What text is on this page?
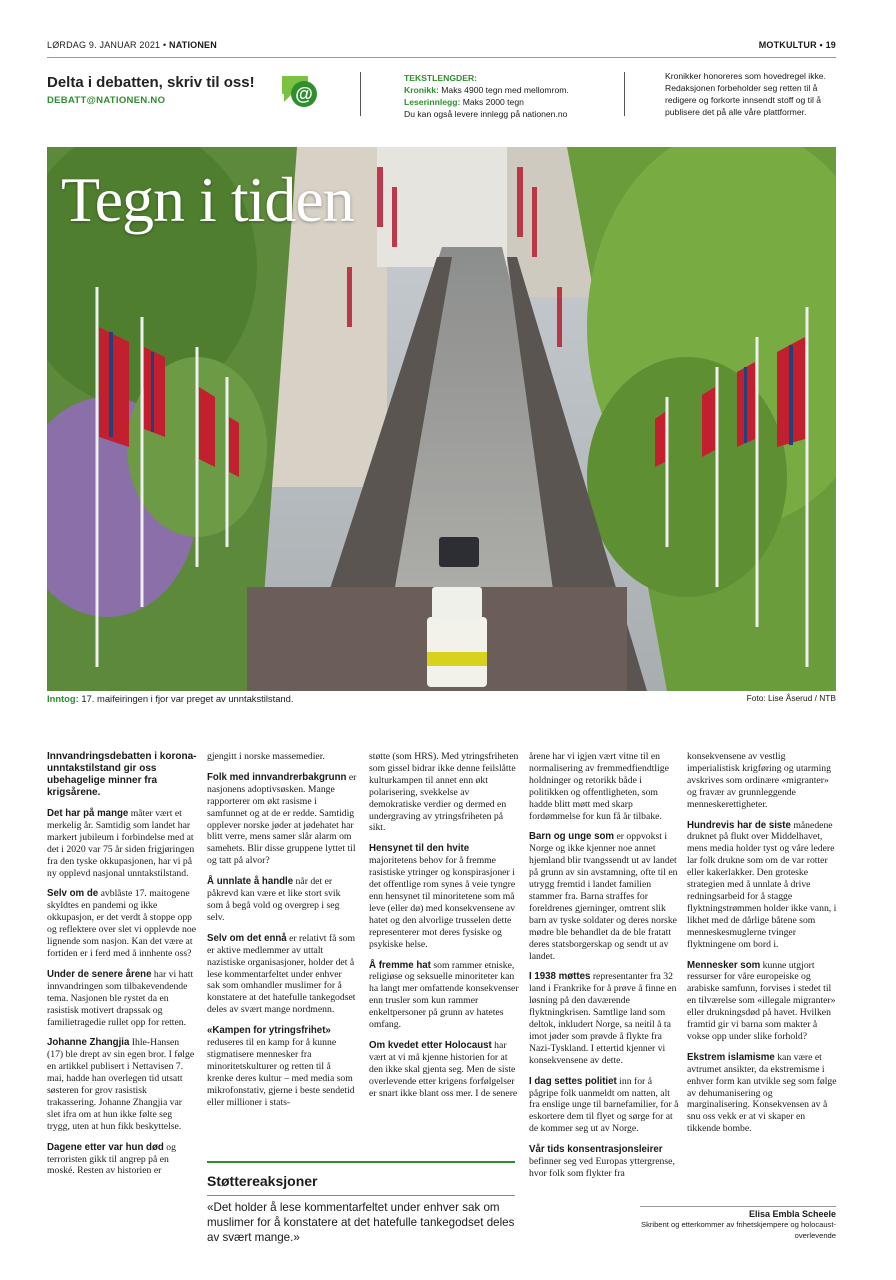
LØRDAG 9. JANUAR 2021 • NATIONEN	MOTKULTUR • 19
Delta i debatten, skriv til oss!
DEBATT@NATIONEN.NO	@
TEKSTLENGDER:
Kronikk: Maks 4900 tegn med mellomrom.
Leserinnlegg: Maks 2000 tegn
Du kan også levere innlegg på nationen.no
Kronikker honoreres som hovedregel ikke. Redaksjonen forbeholder seg retten til å redigere og forkorte innsendt stoff og til å publisere det på alle våre plattformer.
Tegn i tiden
Inntog: 17. maifeiringen i fjor var preget av unntakstilstand.	Foto: Lise Åserud / NTB

Innvandringsdebatten i korona-unntakstilstand gir oss ubehagelige minner fra krigsårene.

Det har på mange måter vært et merkelig år. Samtidig som landet har markert jubileum i forbindelse med at det i 2020 var 75 år siden frigjøringen fra den tyske okkupasjonen, har vi på ny opplevd nasjonal unntakstilstand.

Selv om de avblåste 17. maitogene skyldtes en pandemi og ikke okkupasjon, er det verdt å stoppe opp og reflektere over slet vi opplevde noe lignende som nasjon. Kan det være at fortiden er i ferd med å innhente oss?

Under de senere årene har vi hatt innvandringen som tilbakevendende tema. Nasjonen ble rystet da en rasistisk motivert drapssak og familietragedie rullet opp for retten.

Johanne Zhangjia Ihle-Hansen (17) ble drept av sin egen bror. I følge en artikkel publisert i Nettavisen 7. mai, hadde han overlegen tid utsatt søsteren for grov rasistisk trakassering. Johanne Zhangjia var slet ifra om at hun ikke følte seg trygg, uten at hun fikk beskyttelse.

Dagene etter var hun død og terroristen gikk til angrep på en moské. Resten av historien er

gjengitt i norske massemedier.

Folk med innvandrerbakgrunn er nasjonens adoptivsøsken. Mange rapporterer om økt rasisme i samfunnet og at de er redde. Samtidig opplever norske jøder at jødehatet har blitt verre, mens samer slår alarm om samehets. Blir disse gruppene lyttet til og tatt på alvor?

Å unnlate å handle når det er påkrevd kan være et like stort svik som å begå vold og overgrep i seg selv.

Selv om det ennå er relativt få som er aktive medlemmer av uttalt nazistiske organisasjoner, holder det å lese kommentarfeltet under enhver sak som omhandler muslimer for å konstatere at det hatefulle tankegodset deles av svært mange nordmenn.

«Kampen for ytringsfrihet» reduseres til en kamp for å kunne stigmatisere mennesker fra minoritetskulturer og retten til å krenke deres kultur – med media som mikrofonstativ, gjerne i beste sendetid eller millioner i stats-

støtte (som HRS). Med ytringsfriheten som gissel bidrar ikke denne feilslåtte kulturkampen til annet enn økt polarisering, svekkelse av demokratiske verdier og dermed en undergraving av ytringsfriheten på sikt.

Hensynet til den hvite majoritetens behov for å fremme rasistiske ytringer og konspirasjoner i det offentlige rom synes å veie tyngre enn hensynet til minoritetene som må leve (eller dø) med konsekvensene av hatet og den alvorlige trusselen dette representerer mot deres fysiske og psykiske helse.

Å fremme hat som rammer etniske, religiøse og seksuelle minoriteter kan ha langt mer omfattende konsekvenser enn trusler som kun rammer enkeltpersoner på grunn av hatetes omfang.

Om kvedet etter Holocaust har vært at vi må kjenne historien for at den ikke skal gjenta seg. Men de siste overlevende etter krigens forfølgelser er snart ikke blant oss mer. I de senere

årene har vi igjen vært vitne til en normalisering av fremmedfiendtlige holdninger og retorikk både i politikken og offentligheten, som hadde blitt møtt med skarp fordømmelse for kun få år tilbake.

Barn og unge som er oppvokst i Norge og ikke kjenner noe annet hjemland blir tvangssendt ut av landet på grunn av sin avstamning, ofte til en utrygg fremtid i landet familien stammer fra. Barna straffes for foreldrenes gjerninger, omtrent slik barn av tyske soldater og deres norske mødre ble behandlet da de ble fratatt deres statsborgerskap og sendt ut av landet.

I 1938 møttes representanter fra 32 land i Frankrike for å prøve å finne en løsning på den daværende flyktningkrisen. Samtlige land som deltok, inkludert Norge, sa neitil å ta imot jøder som prøvde å flykte fra Nazi-Tyskland. I ettertid kjenner vi konsekvensene av dette.

I dag settes politiet inn for å pågripe folk uanmeldt om natten, alt fra enslige unge til barnefamilier, for å eskortere dem til flyet og sørge for at de kommer seg ut av Norge.

Vår tids konsentrasjonsleirer befinner seg ved Europas yttergrense, hvor folk som flykter fra

konsekvensene av vestlig imperialistisk krigføring og utarming avskrives som ordinære «migranter» og fravær av grunnleggende menneskerettigheter.

Hundrevis har de siste månedene druknet på flukt over Middelhavet, mens media holder tyst og våre ledere lar folk drukne som om de var rotter eller kakerlakker. Den groteske strategien med å unnlate å drive redningsarbeid for å stagge flyktningstrømmen holder ikke vann, i likhet med de dårlige båtene som menneskesmuglerne tvinger flyktningene om bord i.

Mennesker som kunne utgjort ressurser for våre europeiske og arabiske samfunn, forvises i stedet til en tilværelse som «illegale migranter» eller drukningsdød på havet. Hvilken framtid gir vi barna som makter å vokse opp under slike forhold?

Ekstrem islamisme kan være et avtrumet ansikter, da ekstremisme i enhver form kan utvikle seg som følge av dehumanisering og marginalisering. Konsekvensen av å snu oss vekk er at vi skaper en tikkende bombe.

Støttereaksjoner
«Det holder å lese kommentarfeltet under enhver sak om muslimer for å konstatere at det hatefulle tankegodset deles av svært mange.»
Elisa Embla Scheele
Skribent og etterkommer av frihetskjempere og holocaust-overlevende
